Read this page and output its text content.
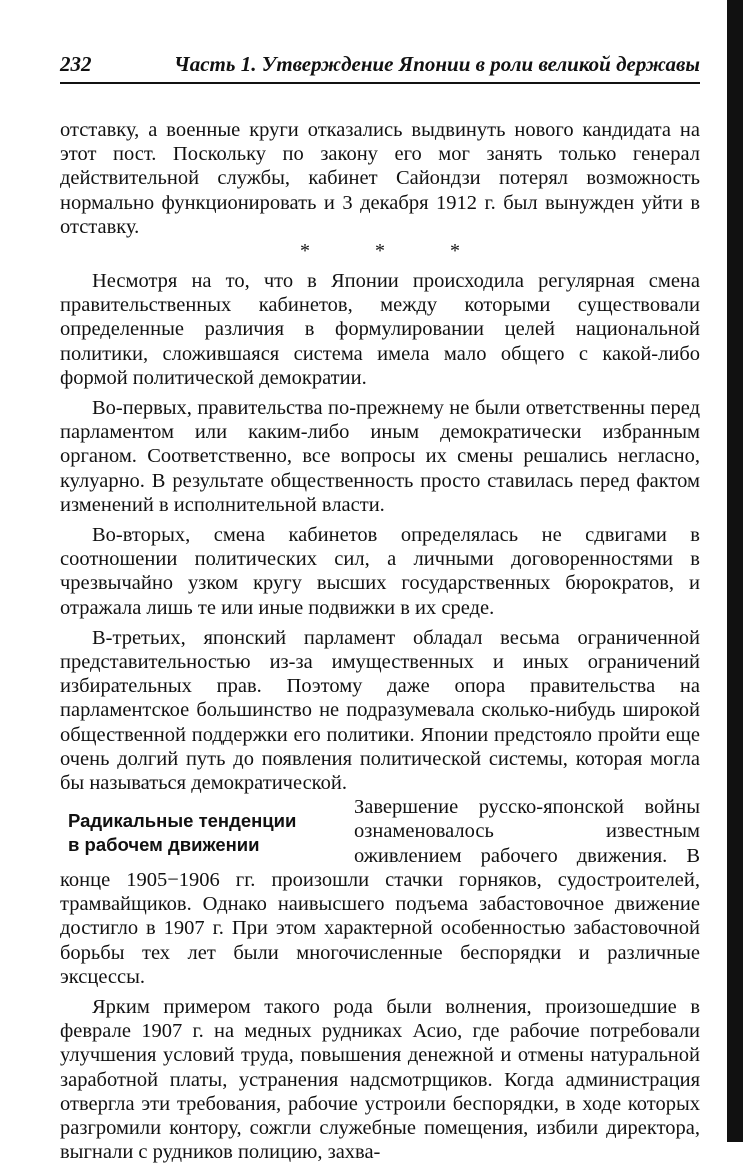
232	Часть 1. Утверждение Японии в роли великой державы

отставку, а военные круги отказались выдвинуть нового кандидата на этот пост. Поскольку по закону его мог занять только генерал действительной службы, кабинет Сайондзи потерял возможность нормально функционировать и 3 декабря 1912 г. был вынужден уйти в отставку.

* * *

Несмотря на то, что в Японии происходила регулярная смена правительственных кабинетов, между которыми существовали определенные различия в формулировании целей национальной политики, сложившаяся система имела мало общего с какой-либо формой политической демократии.

Во-первых, правительства по-прежнему не были ответственны перед парламентом или каким-либо иным демократически избранным органом. Соответственно, все вопросы их смены решались негласно, кулуарно. В результате общественность просто ставилась перед фактом изменений в исполнительной власти.

Во-вторых, смена кабинетов определялась не сдвигами в соотношении политических сил, а личными договоренностями в чрезвычайно узком кругу высших государственных бюрократов, и отражала лишь те или иные подвижки в их среде.

В-третьих, японский парламент обладал весьма ограниченной представительностью из-за имущественных и иных ограничений избирательных прав. Поэтому даже опора правительства на парламентское большинство не подразумевала сколько-нибудь широкой общественной поддержки его политики. Японии предстояло пройти еще очень долгий путь до появления политической системы, которая могла бы называться демократической.

Радикальные тенденции
в рабочем движении

Завершение русско-японской войны ознаменовалось известным оживлением рабочего движения. В конце 1905−1906 гг. произошли стачки горняков, судостроителей, трамвайщиков. Однако наивысшего подъема забастовочное движение достигло в 1907 г. При этом характерной особенностью забастовочной борьбы тех лет были многочисленные беспорядки и различные эксцессы.

Ярким примером такого рода были волнения, произошедшие в феврале 1907 г. на медных рудниках Асио, где рабочие потребовали улучшения условий труда, повышения денежной и отмены натуральной заработной платы, устранения надсмотрщиков. Когда администрация отвергла эти требования, рабочие устроили беспорядки, в ходе которых разгромили контору, сожгли служебные помещения, избили директора, выгнали с рудников полицию, захва-
